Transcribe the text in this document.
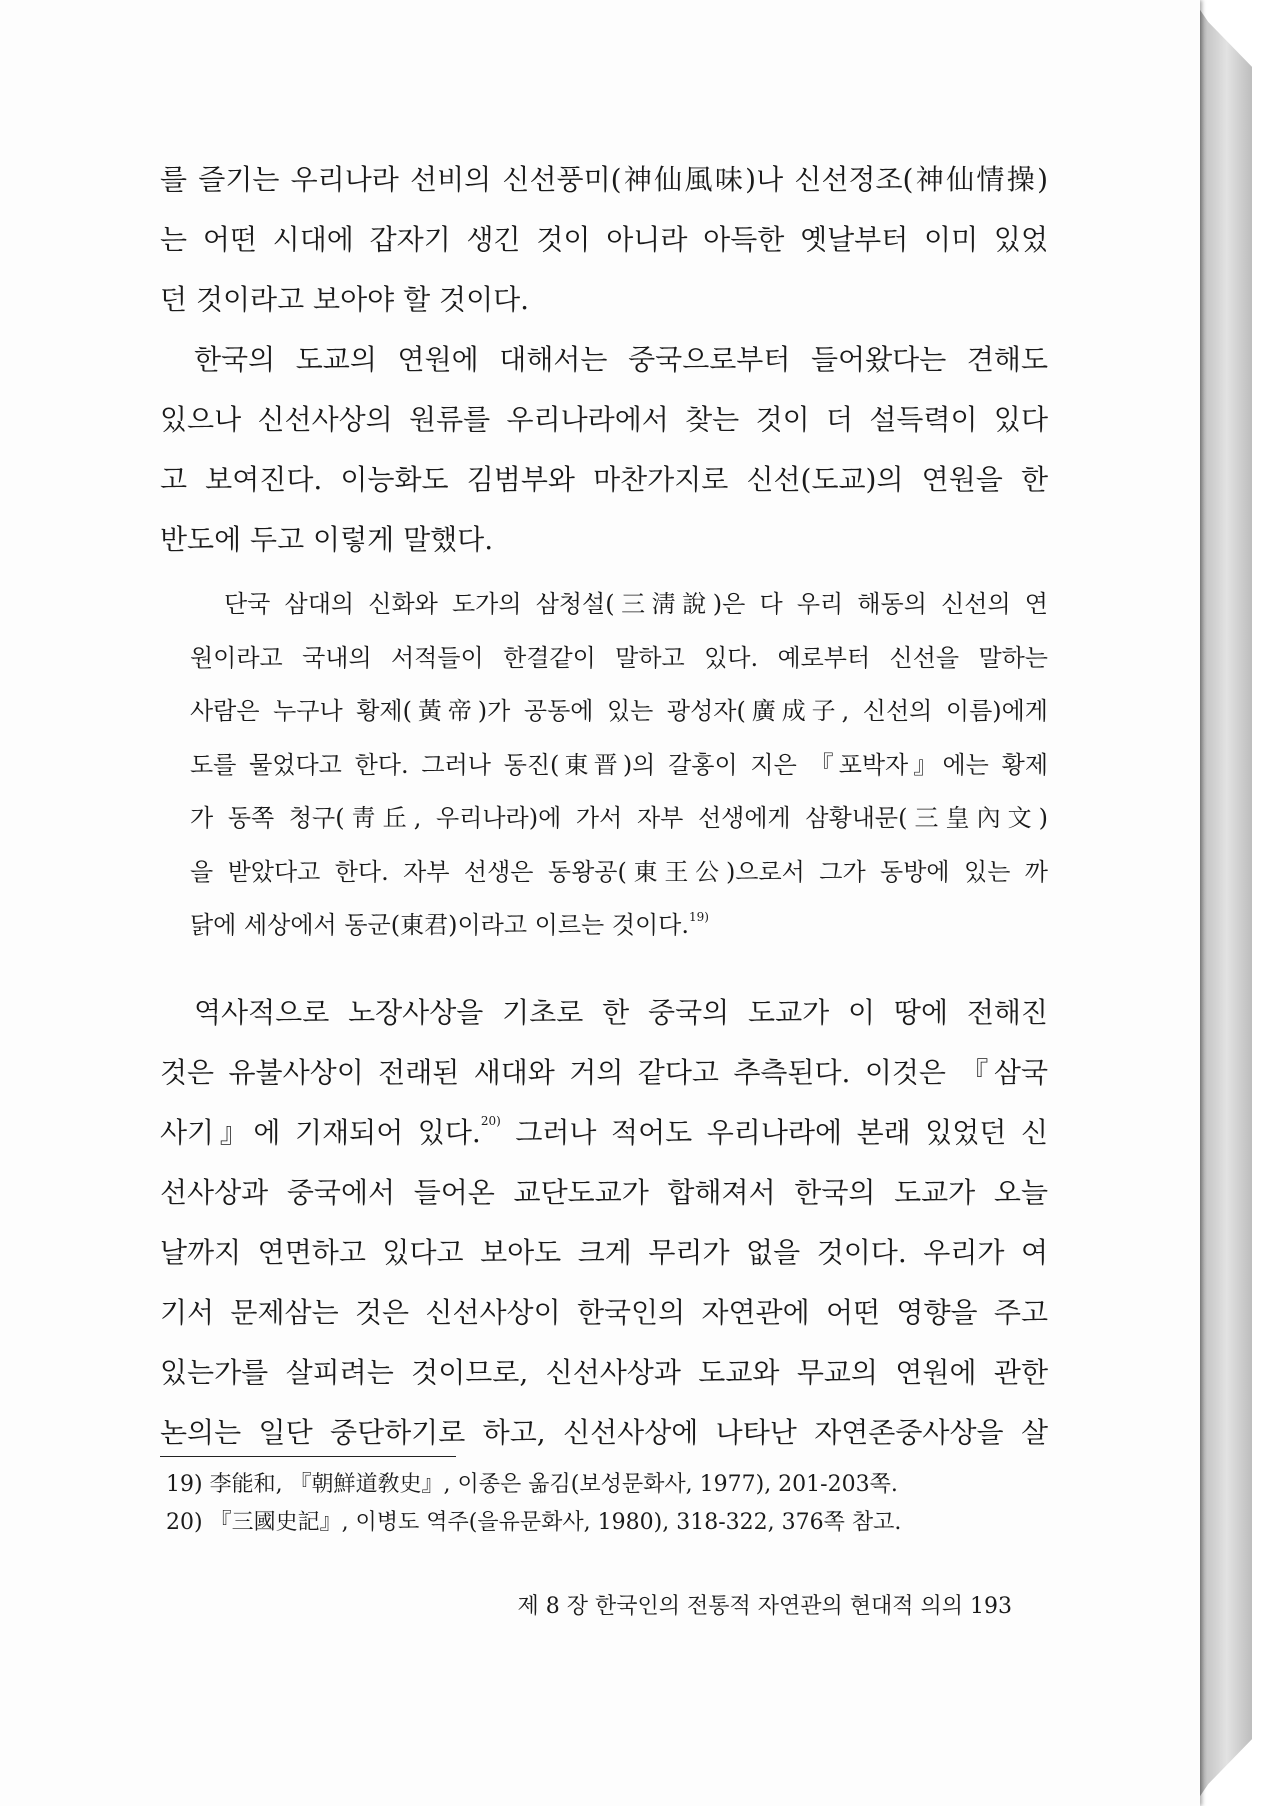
를 즐기는 우리나라 선비의 신선풍미(神仙風味)나 신선정조(神仙情操)
는 어떤 시대에 갑자기 생긴 것이 아니라 아득한 옛날부터 이미 있었
던 것이라고 보아야 할 것이다.
한국의 도교의 연원에 대해서는 중국으로부터 들어왔다는 견해도
있으나 신선사상의 원류를 우리나라에서 찾는 것이 더 설득력이 있다
고 보여진다. 이능화도 김범부와 마찬가지로 신선(도교)의 연원을 한
반도에 두고 이렇게 말했다.
단국 삼대의 신화와 도가의 삼청설(三淸說)은 다 우리 해동의 신선의 연
원이라고 국내의 서적들이 한결같이 말하고 있다. 예로부터 신선을 말하는
사람은 누구나 황제(黃帝)가 공동에 있는 광성자(廣成子, 신선의 이름)에게
도를 물었다고 한다. 그러나 동진(東晋)의 갈홍이 지은 『포박자』에는 황제
가 동쪽 청구(靑丘, 우리나라)에 가서 자부 선생에게 삼황내문(三皇內文)
을 받았다고 한다. 자부 선생은 동왕공(東王公)으로서 그가 동방에 있는 까
닭에 세상에서 동군(東君)이라고 이르는 것이다.$^{19)}$
역사적으로 노장사상을 기초로 한 중국의 도교가 이 땅에 전해진
것은 유불사상이 전래된 새대와 거의 같다고 추측된다. 이것은 『삼국
사기』에 기재되어 있다.$^{20)}$ 그러나 적어도 우리나라에 본래 있었던 신
선사상과 중국에서 들어온 교단도교가 합해져서 한국의 도교가 오늘
날까지 연면하고 있다고 보아도 크게 무리가 없을 것이다. 우리가 여
기서 문제삼는 것은 신선사상이 한국인의 자연관에 어떤 영향을 주고
있는가를 살피려는 것이므로, 신선사상과 도교와 무교의 연원에 관한
논의는 일단 중단하기로 하고, 신선사상에 나타난 자연존중사상을 살
19) 李能和, 『朝鮮道敎史』, 이종은 옮김(보성문화사, 1977), 201-203쪽.
20) 『三國史記』, 이병도 역주(을유문화사, 1980), 318-322, 376쪽 참고.
제 8 장 한국인의 전통적 자연관의 현대적 의의 193
